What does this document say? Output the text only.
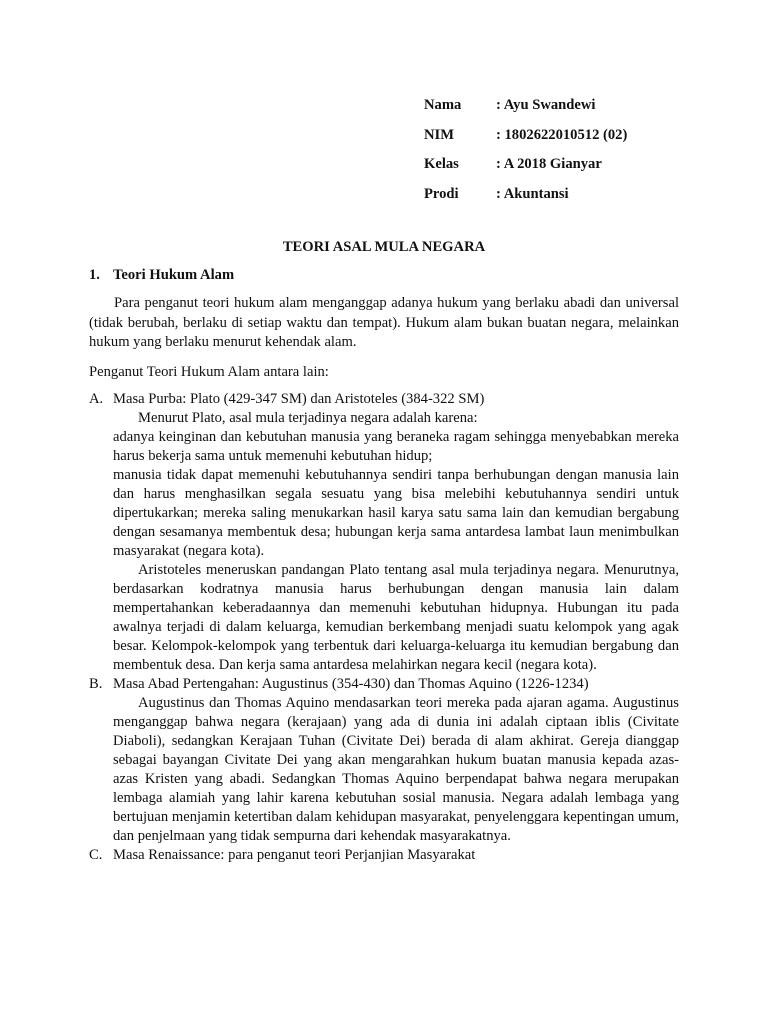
Nama	: Ayu Swandewi
NIM	: 1802622010512 (02)
Kelas	: A 2018 Gianyar
Prodi	: Akuntansi
TEORI ASAL MULA NEGARA
1. Teori Hukum Alam
Para penganut teori hukum alam menganggap adanya hukum yang berlaku abadi dan universal (tidak berubah, berlaku di setiap waktu dan tempat). Hukum alam bukan buatan negara, melainkan hukum yang berlaku menurut kehendak alam.
Penganut Teori Hukum Alam antara lain:
A. Masa Purba: Plato (429-347 SM) dan Aristoteles (384-322 SM)
Menurut Plato, asal mula terjadinya negara adalah karena:
adanya keinginan dan kebutuhan manusia yang beraneka ragam sehingga menyebabkan mereka harus bekerja sama untuk memenuhi kebutuhan hidup;
manusia tidak dapat memenuhi kebutuhannya sendiri tanpa berhubungan dengan manusia lain dan harus menghasilkan segala sesuatu yang bisa melebihi kebutuhannya sendiri untuk dipertukarkan; mereka saling menukarkan hasil karya satu sama lain dan kemudian bergabung dengan sesamanya membentuk desa; hubungan kerja sama antardesa lambat laun menimbulkan masyarakat (negara kota).
Aristoteles meneruskan pandangan Plato tentang asal mula terjadinya negara. Menurutnya, berdasarkan kodratnya manusia harus berhubungan dengan manusia lain dalam mempertahankan keberadaannya dan memenuhi kebutuhan hidupnya. Hubungan itu pada awalnya terjadi di dalam keluarga, kemudian berkembang menjadi suatu kelompok yang agak besar. Kelompok-kelompok yang terbentuk dari keluarga-keluarga itu kemudian bergabung dan membentuk desa. Dan kerja sama antardesa melahirkan negara kecil (negara kota).
B. Masa Abad Pertengahan: Augustinus (354-430) dan Thomas Aquino (1226-1234)
Augustinus dan Thomas Aquino mendasarkan teori mereka pada ajaran agama. Augustinus menganggap bahwa negara (kerajaan) yang ada di dunia ini adalah ciptaan iblis (Civitate Diaboli), sedangkan Kerajaan Tuhan (Civitate Dei) berada di alam akhirat. Gereja dianggap sebagai bayangan Civitate Dei yang akan mengarahkan hukum buatan manusia kepada azas-azas Kristen yang abadi. Sedangkan Thomas Aquino berpendapat bahwa negara merupakan lembaga alamiah yang lahir karena kebutuhan sosial manusia. Negara adalah lembaga yang bertujuan menjamin ketertiban dalam kehidupan masyarakat, penyelenggara kepentingan umum, dan penjelmaan yang tidak sempurna dari kehendak masyarakatnya.
C. Masa Renaissance: para penganut teori Perjanjian Masyarakat
